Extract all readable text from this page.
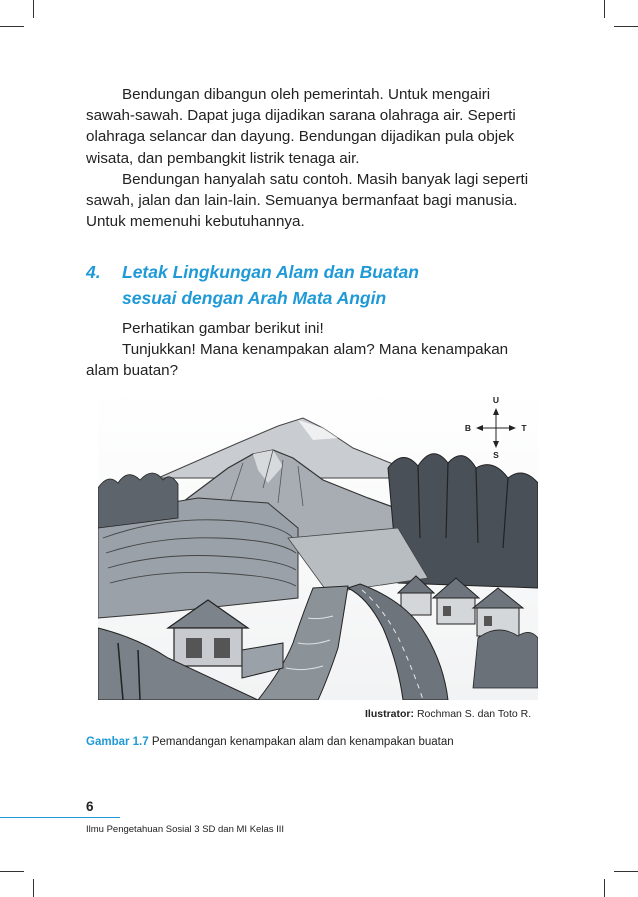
Bendungan dibangun oleh pemerintah. Untuk mengairi
sawah-sawah. Dapat juga dijadikan sarana olahraga air. Seperti
olahraga selancar dan dayung. Bendungan dijadikan pula objek
wisata, dan pembangkit listrik tenaga air.
Bendungan hanyalah satu contoh. Masih banyak lagi seperti
sawah, jalan dan lain-lain. Semuanya bermanfaat bagi manusia.
Untuk memenuhi kebutuhannya.
4. Letak Lingkungan Alam dan Buatan
sesuai dengan Arah Mata Angin
Perhatikan gambar berikut ini!
Tunjukkan! Mana kenampakan alam? Mana kenampakan
alam buatan?
U
S
B	T
Ilustrator: Rochman S. dan Toto R.
Gambar 1.7 Pemandangan kenampakan alam dan kenampakan buatan
6
Ilmu Pengetahuan Sosial 3 SD dan MI Kelas III
